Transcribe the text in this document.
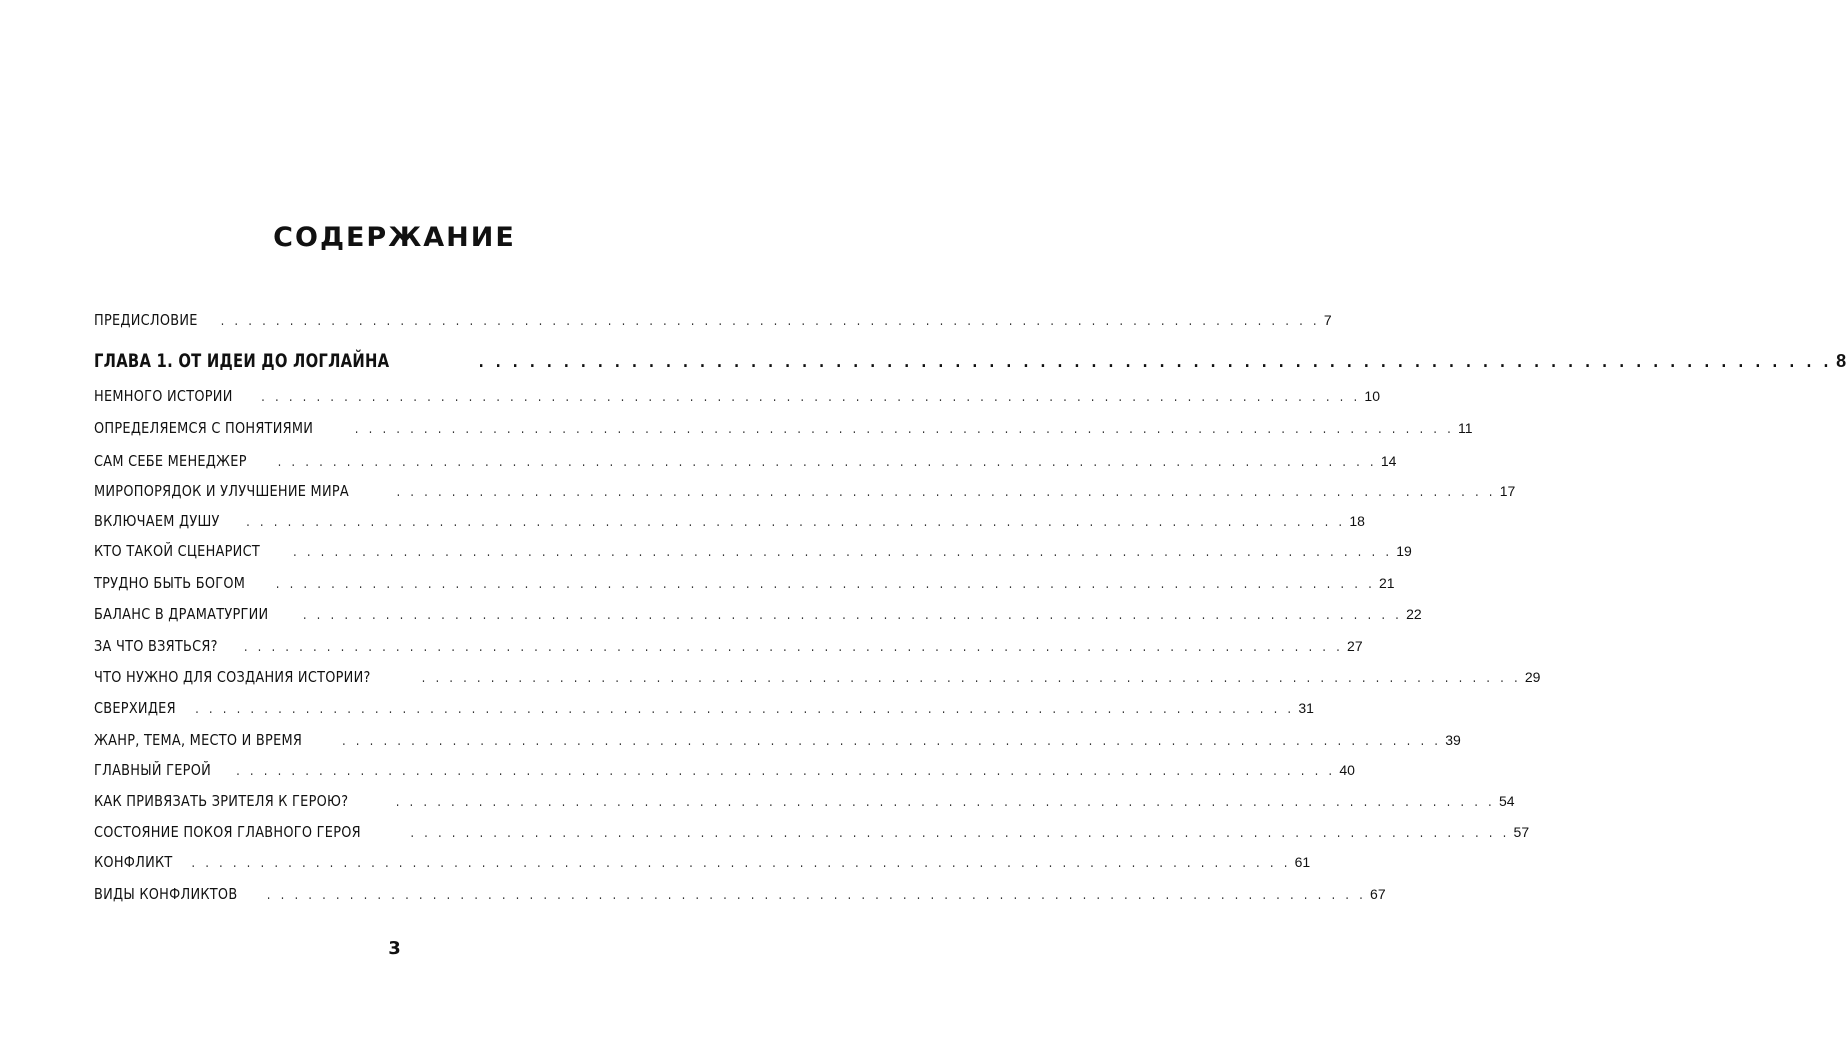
СОДЕРЖАНИЕ
ПРЕДИСЛОВИЕ . . . . . . . . . . . . . . . . . . . . . . . . . . . . . . . . . . . . . . . . . . . . . . . . . . . . . . . . . . . . . . . . . . . . . . . . . . . . . . . . 7
ГЛАВА 1. ОТ ИДЕИ ДО ЛОГЛАЙНА	. . . . . . . . . . . . . . . . . . . . . . . . . . . . . . . . . . . . . . . . . . . . . . . . . . . . . . . . . . . . . . . . . . . . . . . . . . . . . . . . 8
НЕМНОГО ИСТОРИИ . . . . . . . . . . . . . . . . . . . . . . . . . . . . . . . . . . . . . . . . . . . . . . . . . . . . . . . . . . . . . . . . . . . . . . . . . . . . . . . . 10
ОПРЕДЕЛЯЕМСЯ С ПОНЯТИЯМИ	. . . . . . . . . . . . . . . . . . . . . . . . . . . . . . . . . . . . . . . . . . . . . . . . . . . . . . . . . . . . . . . . . . . . . . . . . . . . . . . . 11
САМ СЕБЕ МЕНЕДЖЕР . . . . . . . . . . . . . . . . . . . . . . . . . . . . . . . . . . . . . . . . . . . . . . . . . . . . . . . . . . . . . . . . . . . . . . . . . . . . . . . . 14
МИРОПОРЯДОК И УЛУЧШЕНИЕ МИРА	. . . . . . . . . . . . . . . . . . . . . . . . . . . . . . . . . . . . . . . . . . . . . . . . . . . . . . . . . . . . . . . . . . . . . . . . . . . . . . . . 17
ВКЛЮЧАЕМ ДУШУ . . . . . . . . . . . . . . . . . . . . . . . . . . . . . . . . . . . . . . . . . . . . . . . . . . . . . . . . . . . . . . . . . . . . . . . . . . . . . . . . 18
КТО ТАКОЙ СЦЕНАРИСТ	. . . . . . . . . . . . . . . . . . . . . . . . . . . . . . . . . . . . . . . . . . . . . . . . . . . . . . . . . . . . . . . . . . . . . . . . . . . . . . . . 19
ТРУДНО БЫТЬ БОГОМ . . . . . . . . . . . . . . . . . . . . . . . . . . . . . . . . . . . . . . . . . . . . . . . . . . . . . . . . . . . . . . . . . . . . . . . . . . . . . . . . 21
БАЛАНС В ДРАМАТУРГИИ	. . . . . . . . . . . . . . . . . . . . . . . . . . . . . . . . . . . . . . . . . . . . . . . . . . . . . . . . . . . . . . . . . . . . . . . . . . . . . . . . 22
ЗА ЧТО ВЗЯТЬСЯ? . . . . . . . . . . . . . . . . . . . . . . . . . . . . . . . . . . . . . . . . . . . . . . . . . . . . . . . . . . . . . . . . . . . . . . . . . . . . . . . . 27
ЧТО НУЖНО ДЛЯ СОЗДАНИЯ ИСТОРИИ?	. . . . . . . . . . . . . . . . . . . . . . . . . . . . . . . . . . . . . . . . . . . . . . . . . . . . . . . . . . . . . . . . . . . . . . . . . . . . . . . . 29
СВЕРХИДЕЯ . . . . . . . . . . . . . . . . . . . . . . . . . . . . . . . . . . . . . . . . . . . . . . . . . . . . . . . . . . . . . . . . . . . . . . . . . . . . . . . . 31
ЖАНР, ТЕМА, МЕСТО И ВРЕМЯ	. . . . . . . . . . . . . . . . . . . . . . . . . . . . . . . . . . . . . . . . . . . . . . . . . . . . . . . . . . . . . . . . . . . . . . . . . . . . . . . . 39
ГЛАВНЫЙ ГЕРОЙ . . . . . . . . . . . . . . . . . . . . . . . . . . . . . . . . . . . . . . . . . . . . . . . . . . . . . . . . . . . . . . . . . . . . . . . . . . . . . . . . 40
КАК ПРИВЯЗАТЬ ЗРИТЕЛЯ К ГЕРОЮ?	. . . . . . . . . . . . . . . . . . . . . . . . . . . . . . . . . . . . . . . . . . . . . . . . . . . . . . . . . . . . . . . . . . . . . . . . . . . . . . . . 54
СОСТОЯНИЕ ПОКОЯ ГЛАВНОГО ГЕРОЯ	. . . . . . . . . . . . . . . . . . . . . . . . . . . . . . . . . . . . . . . . . . . . . . . . . . . . . . . . . . . . . . . . . . . . . . . . . . . . . . . . 57
КОНФЛИКТ . . . . . . . . . . . . . . . . . . . . . . . . . . . . . . . . . . . . . . . . . . . . . . . . . . . . . . . . . . . . . . . . . . . . . . . . . . . . . . . . 61
ВИДЫ КОНФЛИКТОВ . . . . . . . . . . . . . . . . . . . . . . . . . . . . . . . . . . . . . . . . . . . . . . . . . . . . . . . . . . . . . . . . . . . . . . . . . . . . . . . . 67
3
